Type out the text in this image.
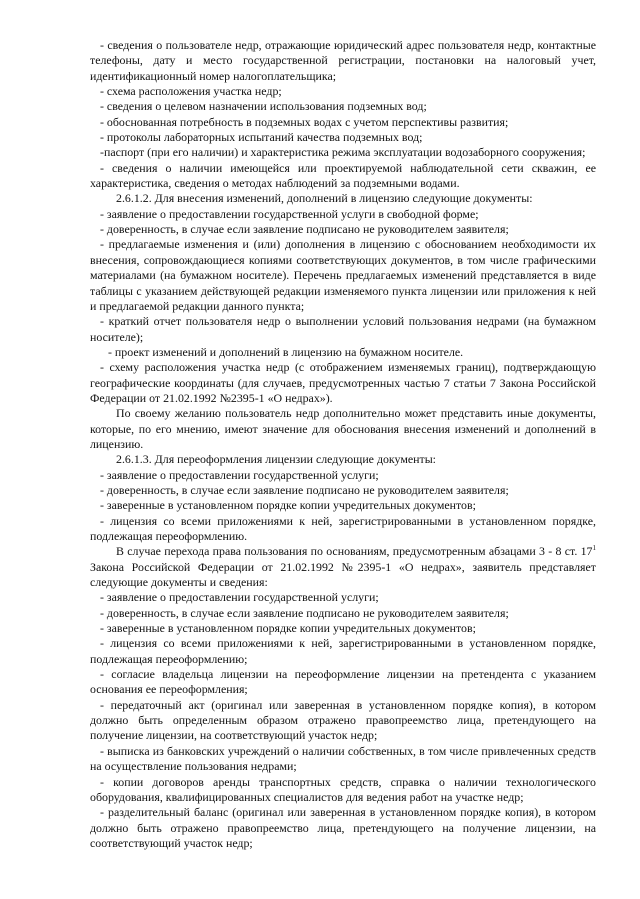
- сведения о пользователе недр, отражающие юридический адрес пользователя недр, контактные телефоны, дату и место государственной регистрации, постановки на налоговый учет, идентификационный номер налогоплательщика;

- схема расположения участка недр;

- сведения о целевом назначении использования подземных вод;

- обоснованная потребность в подземных водах с учетом перспективы развития;

- протоколы лабораторных испытаний качества подземных вод;

-паспорт (при его наличии) и характеристика режима эксплуатации водозаборного сооружения;

- сведения о наличии имеющейся или проектируемой наблюдательной сети скважин, ее характеристика, сведения о методах наблюдений за подземными водами.

2.6.1.2. Для внесения изменений, дополнений в лицензию следующие документы:

- заявление о предоставлении государственной услуги в свободной форме;

- доверенность, в случае если заявление подписано не руководителем заявителя;

- предлагаемые изменения и (или) дополнения в лицензию с обоснованием необходимости их внесения, сопровождающиеся копиями соответствующих документов, в том числе графическими материалами (на бумажном носителе). Перечень предлагаемых изменений представляется в виде таблицы с указанием действующей редакции изменяемого пункта лицензии или приложения к ней и предлагаемой редакции данного пункта;

- краткий отчет пользователя недр о выполнении условий пользования недрами (на бумажном носителе);

- проект изменений и дополнений в лицензию на бумажном носителе.

- схему расположения участка недр (с отображением изменяемых границ), подтверждающую географические координаты (для случаев, предусмотренных частью 7 статьи 7 Закона Российской Федерации от 21.02.1992 №2395-1 «О недрах»).

По своему желанию пользователь недр дополнительно может представить иные документы, которые, по его мнению, имеют значение для обоснования внесения изменений и дополнений в лицензию.

2.6.1.3. Для переоформления лицензии следующие документы:

- заявление о предоставлении государственной услуги;

- доверенность, в случае если заявление подписано не руководителем заявителя;

- заверенные в установленном порядке копии учредительных документов;

- лицензия со всеми приложениями к ней, зарегистрированными в установленном порядке, подлежащая переоформлению.

В случае перехода права пользования по основаниям, предусмотренным абзацами 3 - 8 ст. $17^1$ Закона Российской Федерации от 21.02.1992 №2395-1 «О недрах», заявитель представляет следующие документы и сведения:

- заявление о предоставлении государственной услуги;

- доверенность, в случае если заявление подписано не руководителем заявителя;

- заверенные в установленном порядке копии учредительных документов;

- лицензия со всеми приложениями к ней, зарегистрированными в установленном порядке, подлежащая переоформлению;

- согласие владельца лицензии на переоформление лицензии на претендента с указанием основания ее переоформления;

- передаточный акт (оригинал или заверенная в установленном порядке копия), в котором должно быть определенным образом отражено правопреемство лица, претендующего на получение лицензии, на соответствующий участок недр;

- выписка из банковских учреждений о наличии собственных, в том числе привлеченных средств на осуществление пользования недрами;

- копии договоров аренды транспортных средств, справка о наличии технологического оборудования, квалифицированных специалистов для ведения работ на участке недр;

- разделительный баланс (оригинал или заверенная в установленном порядке копия), в котором должно быть отражено правопреемство лица, претендующего на получение лицензии, на соответствующий участок недр;
